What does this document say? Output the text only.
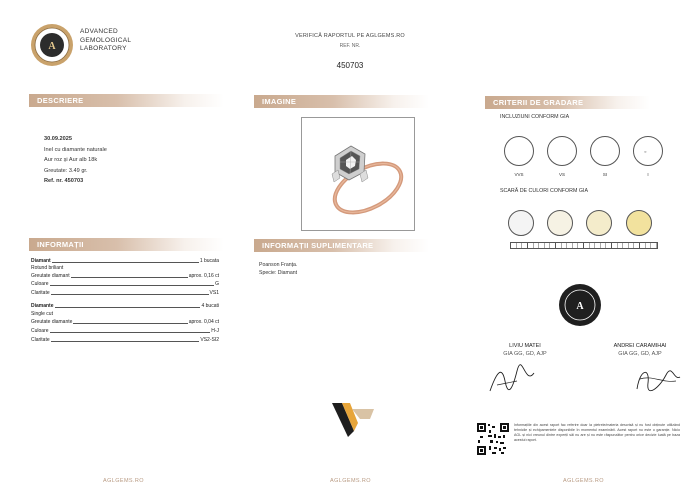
A
ADVANCED
GEMOLOGICAL
LABORATORY
VERIFICĂ RAPORTUL PE AGLGEMS.RO
REF. NR.
450703
DESCRIERE	IMAGINE	CRITERII DE GRADARE
INFORMAȚII	INFORMAȚII SUPLIMENTARE
30.09.2025
Inel cu diamante naturale
Aur roz și Aur alb 18k
Greutate: 3.49 gr.
Ref. nr. 450703
Diamant	1 bucata
Rotund briliant
Greutate diamant	aprox. 0,16 ct
Culoare	G
Claritate	VS1
Diamante	4 bucati
Single cut
Greutate diamante	aprox. 0,04 ct
Culoare	H-J
Claritate	VS2-SI2
Poanson Franța.
Specie: Diamant
INCLUZIUNI CONFORM GIA
◦
VVS	VS	SI	I
SCARĂ DE CULORI CONFORM GIA
A
LIVIU MATEI
GIA GG, GD, AJP
ANDREI CARAMIHAI
GIA GG, GD, AJP
Informațiile din acest raport fac referire doar la pietrele/materia descrisă și nu fost obținute utilizând tehnicile și echipamentele disponibile în momentul examinării. Acest raport nu este o garanție. Nicio AGL și nici vreunul dintre experții săi nu are și nu este răspunzător pentru orice decizie luată pe baza acestui raport.
AGLGEMS.RO	AGLGEMS.RO	AGLGEMS.RO
